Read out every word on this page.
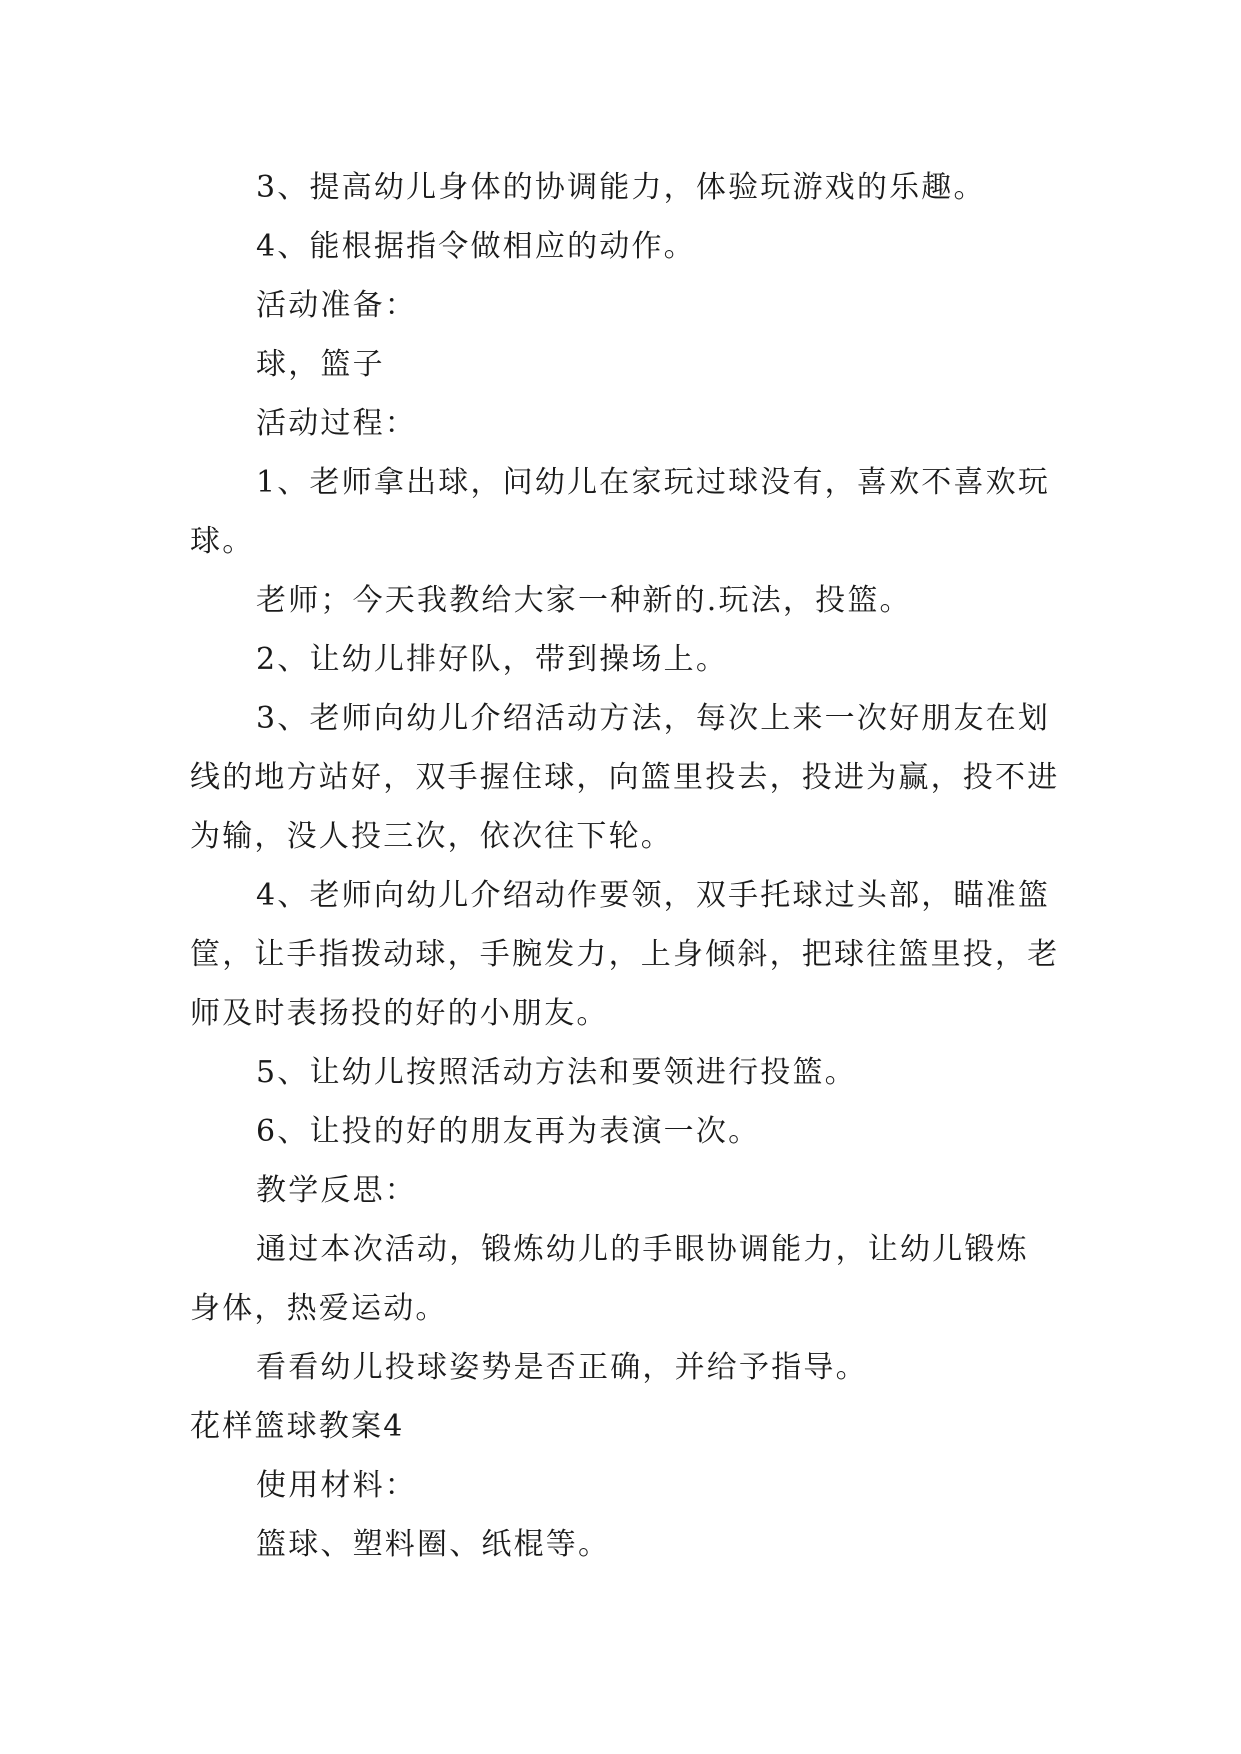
3、提高幼儿身体的协调能力，体验玩游戏的乐趣。

4、能根据指令做相应的动作。

活动准备：

球，篮子

活动过程：

1、老师拿出球，问幼儿在家玩过球没有，喜欢不喜欢玩球。

老师；今天我教给大家一种新的.玩法，投篮。

2、让幼儿排好队，带到操场上。

3、老师向幼儿介绍活动方法，每次上来一次好朋友在划线的地方站好，双手握住球，向篮里投去，投进为赢，投不进为输，没人投三次，依次往下轮。

4、老师向幼儿介绍动作要领，双手托球过头部，瞄准篮筐，让手指拨动球，手腕发力，上身倾斜，把球往篮里投，老师及时表扬投的好的小朋友。

5、让幼儿按照活动方法和要领进行投篮。

6、让投的好的朋友再为表演一次。

教学反思：

通过本次活动，锻炼幼儿的手眼协调能力，让幼儿锻炼身体，热爱运动。

看看幼儿投球姿势是否正确，并给予指导。

花样篮球教案4

使用材料：

篮球、塑料圈、纸棍等。
